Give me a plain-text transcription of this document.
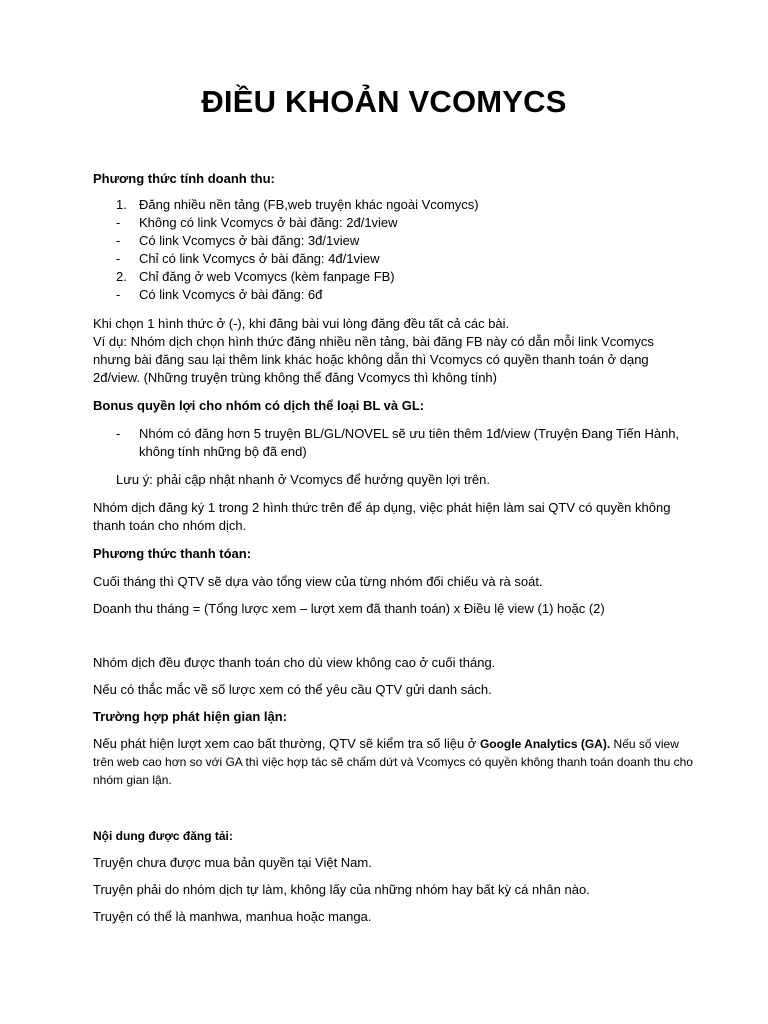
ĐIỀU KHOẢN VCOMYCS
Phương thức tính doanh thu:
1. Đăng nhiều nền tảng (FB,web truyện khác ngoài Vcomycs)
- Không có link Vcomycs ở bài đăng: 2đ/1view
- Có link Vcomycs ở bài đăng: 3đ/1view
- Chỉ có link Vcomycs ở bài đăng: 4đ/1view
2. Chỉ đăng ở web Vcomycs (kèm fanpage FB)
- Có link Vcomycs ở bài đăng: 6đ
Khi chọn 1 hình thức ở (-), khi đăng bài vui lòng đăng đều tất cả các bài.
Ví dụ: Nhóm dịch chọn hình thức đăng nhiều nền tảng, bài đăng FB này có dẫn mỗi link Vcomycs nhưng bài đăng sau lại thêm link khác hoặc không dẫn thì Vcomycs có quyền thanh toán ở dạng 2đ/view. (Những truyện trùng không thể đăng Vcomycs thì không tính)
Bonus quyền lợi cho nhóm có dịch thể loại BL và GL:
- Nhóm có đăng hơn 5 truyện BL/GL/NOVEL sẽ ưu tiên thêm 1đ/view (Truyện Đang Tiến Hành, không tính những bộ đã end)
Lưu ý: phải cập nhật nhanh ở Vcomycs để hưởng quyền lợi trên.
Nhóm dịch đăng ký 1 trong 2 hình thức trên để áp dụng, việc phát hiện làm sai QTV có quyền không thanh toán cho nhóm dịch.
Phương thức thanh tóan:
Cuối tháng thì QTV sẽ dựa vào tổng view của từng nhóm đối chiếu và rà soát.
Doanh thu tháng = (Tổng lược xem – lượt xem đã thanh toán) x Điều lệ view (1) hoặc (2)
Nhóm dịch đều được thanh toán cho dù view không cao ở cuối tháng.
Nếu có thắc mắc về số lược xem có thể yêu cầu QTV gửi danh sách.
Trường hợp phát hiện gian lận:
Nếu phát hiện lượt xem cao bất thường, QTV sẽ kiểm tra số liệu ở Google Analytics (GA). Nếu số view trên web cao hơn so với GA thì việc hợp tác sẽ chấm dứt và Vcomycs có quyền không thanh toán doanh thu cho nhóm gian lận.
Nội dung được đăng tải:
Truyện chưa được mua bản quyền tại Việt Nam.
Truyện phải do nhóm dịch tự làm, không lấy của những nhóm hay bất kỳ cá nhân nào.
Truyện có thể là manhwa, manhua hoặc manga.
